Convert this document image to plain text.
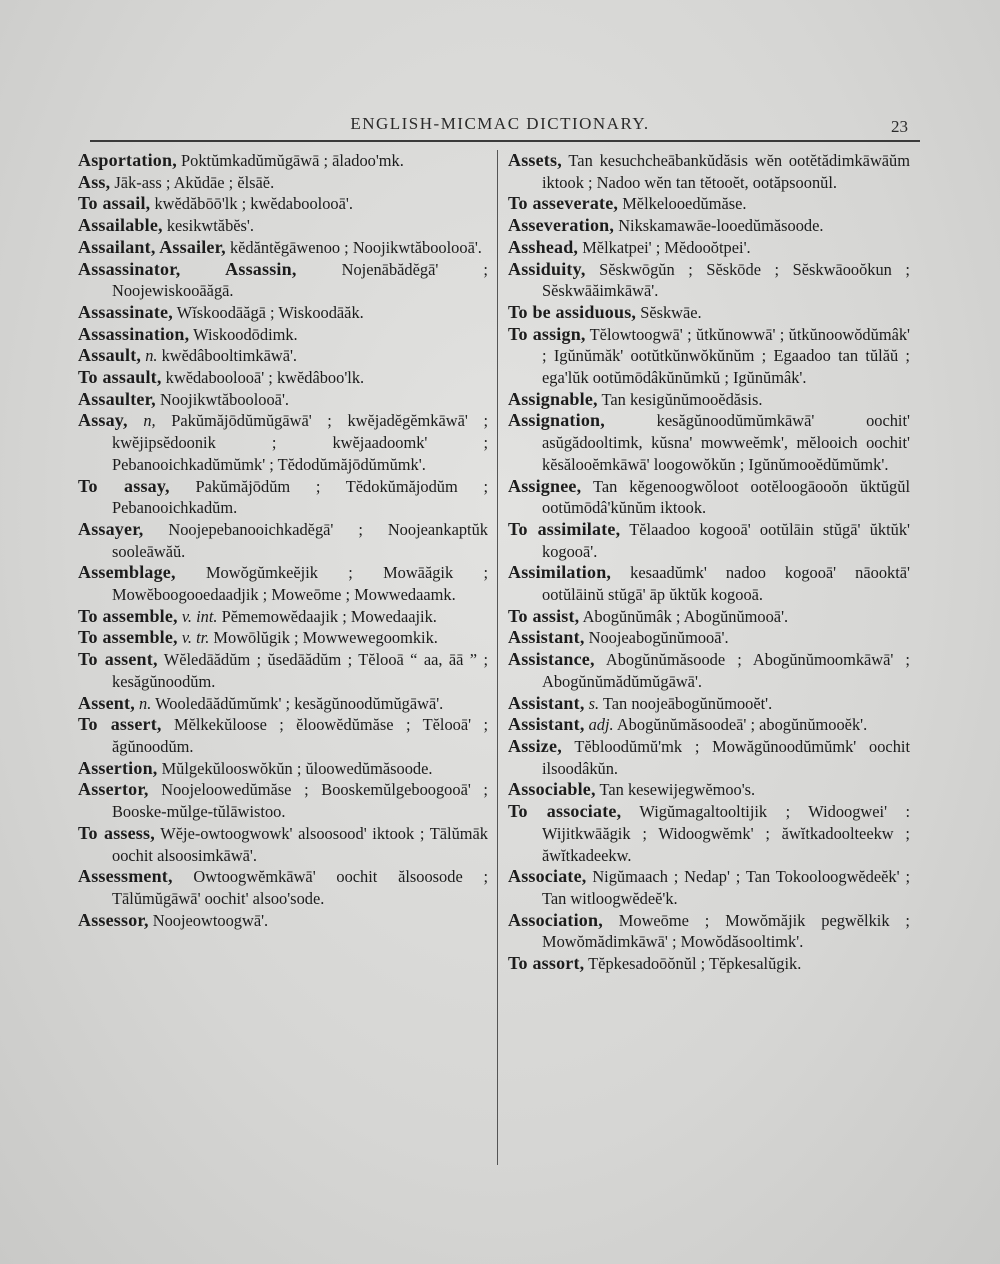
ENGLISH-MICMAC DICTIONARY.	23
Asportation, Poktŭmkadŭmŭgāwā ; āladoo'mk.
Ass, Jāk-ass ; Akŭdāe ; ĕlsāĕ.
To assail, kwĕdăbōō'lk ; kwĕdaboolooā'.
Assailable, kesikwtăbĕs'.
Assailant, Assailer, kĕdăntĕgāwenoo ; Noojikwtăboolooā'.
Assassinator, Assassin, Nojenābădĕgā' ; Noojewiskooāăgā.
Assassinate, Wĭskoodāăgā ; Wiskoodāăk.
Assassination, Wiskoodōdimk.
Assault, n. kwĕdâbooltimkāwā'.
To assault, kwĕdaboolooā' ; kwĕdâboo'lk.
Assaulter, Noojikwtăboolooā'.
Assay, n, Pakŭmăjōdŭmŭgāwā' ; kwĕjadĕgĕmkāwā' ; kwĕjipsĕdoonik ; kwĕjaadoomk' ; Pebanooichkadŭmŭmk' ; Tĕdodŭmăjōdŭmŭmk'.
To assay, Pakŭmăjōdŭm ; Tĕdokŭmăjodŭm ; Pebanooichkadŭm.
Assayer, Noojepebanooichkadĕgā' ; Noojeankaptŭk sooleāwăŭ.
Assemblage, Mowŏgŭmkeĕjik ; Mowāăgik ; Mowĕboogooedaadjik ; Moweōme ; Mowwedaamk.
To assemble, v. int. Pĕmemowĕdaajik ; Mowedaajik.
To assemble, v. tr. Mowōlŭgik ; Mowwewegoomkik.
To assent, Wĕledāădŭm ; ŭsedāădŭm ; Tĕlooā “ aa, āā ” ; kesăgŭnoodŭm.
Assent, n. Wooledāădŭmŭmk' ; kesăgŭnoodŭmŭgāwā'.
To assert, Mĕlkekŭloose ; ĕloowĕdŭmăse ; Tĕlooā' ; ăgŭnoodŭm.
Assertion, Mŭlgekŭlooswŏkŭn ; ŭloowedŭmăsoode.
Assertor, Noojeloowedŭmăse ; Booskemŭlgeboogooā' ; Booske-mŭlge-tŭlāwistoo.
To assess, Wĕje-owtoogwowk' alsoosood' iktook ; Tālŭmāk oochit alsoosimkāwā'.
Assessment, Owtoogwĕmkāwā' oochit ălsoosode ; Tālŭmŭgāwā' oochit' alsoo'sode.
Assessor, Noojeowtoogwā'.
Assets, Tan kesuchcheābankŭdăsis wĕn ootĕtădimkāwāŭm iktook ; Nadoo wĕn tan tĕtooĕt, ootăpsoonŭl.
To asseverate, Mĕlkelooedŭmăse.
Asseveration, Nikskamawāe-looedŭmăsoode.
Asshead, Mĕlkatpei' ; Mĕdooŏtpei'.
Assiduity, Sĕskwōgŭn ; Sĕskōde ; Sĕskwāooŏkun ; Sĕskwāăimkāwā'.
To be assiduous, Sĕskwāe.
To assign, Tĕlowtoogwā' ; ŭtkŭnowwā' ; ŭtkŭnoowŏdŭmâk' ; Igŭnŭmăk' ootŭtkŭnwŏkŭnŭm ; Egaadoo tan tŭlăŭ ; ega'lŭk ootŭmōdâkŭnŭmkŭ ; Igŭnŭmâk'.
Assignable, Tan kesigŭnŭmooĕdăsis.
Assignation, kesăgŭnoodŭmŭmkāwā' oochit' asŭgădooltimk, kŭsna' mowweĕmk', mĕlooich oochit' kĕsălooĕmkāwā' loogowŏkŭn ; Igŭnŭmooĕdŭmŭmk'.
Assignee, Tan kĕgenoogwŏloot ootĕloogāooŏn ŭktŭgŭl ootŭmōdâ'kŭnŭm iktook.
To assimilate, Tĕlaadoo kogooā' ootŭlāin stŭgā' ŭktŭk' kogooā'.
Assimilation, kesaadŭmk' nadoo kogooā' nāooktā' ootŭlāinŭ stŭgā' āp ŭktŭk kogooā.
To assist, Abogŭnŭmâk ; Abogŭnŭmooā'.
Assistant, Noojeabogŭnŭmooā'.
Assistance, Abogŭnŭmăsoode ; Abogŭnŭmoomkāwā' ; Abogŭnŭmădŭmŭgāwā'.
Assistant, s. Tan noojeābogŭnŭmooĕt'.
Assistant, adj. Abogŭnŭmăsoodeā' ; abogŭnŭmooĕk'.
Assize, Tĕbloodŭmŭ'mk ; Mowăgŭnoodŭmŭmk' oochit ilsoodâkŭn.
Associable, Tan kesewijegwĕmoo's.
To associate, Wigŭmagaltooltijik ; Widoogwei' : Wijitkwāăgik ; Widoogwĕmk' ; ăwĭtkadoolteekw ; ăwĭtkadeekw.
Associate, Nigŭmaach ; Nedap' ; Tan Tokooloogwĕdeĕk' ; Tan witloogwĕdeĕ'k.
Association, Moweōme ; Mowŏmăjik pegwĕlkik ; Mowŏmădimkāwā' ; Mowŏdăsooltimk'.
To assort, Tĕpkesadoōŏnŭl ; Tĕpkesalŭgik.
